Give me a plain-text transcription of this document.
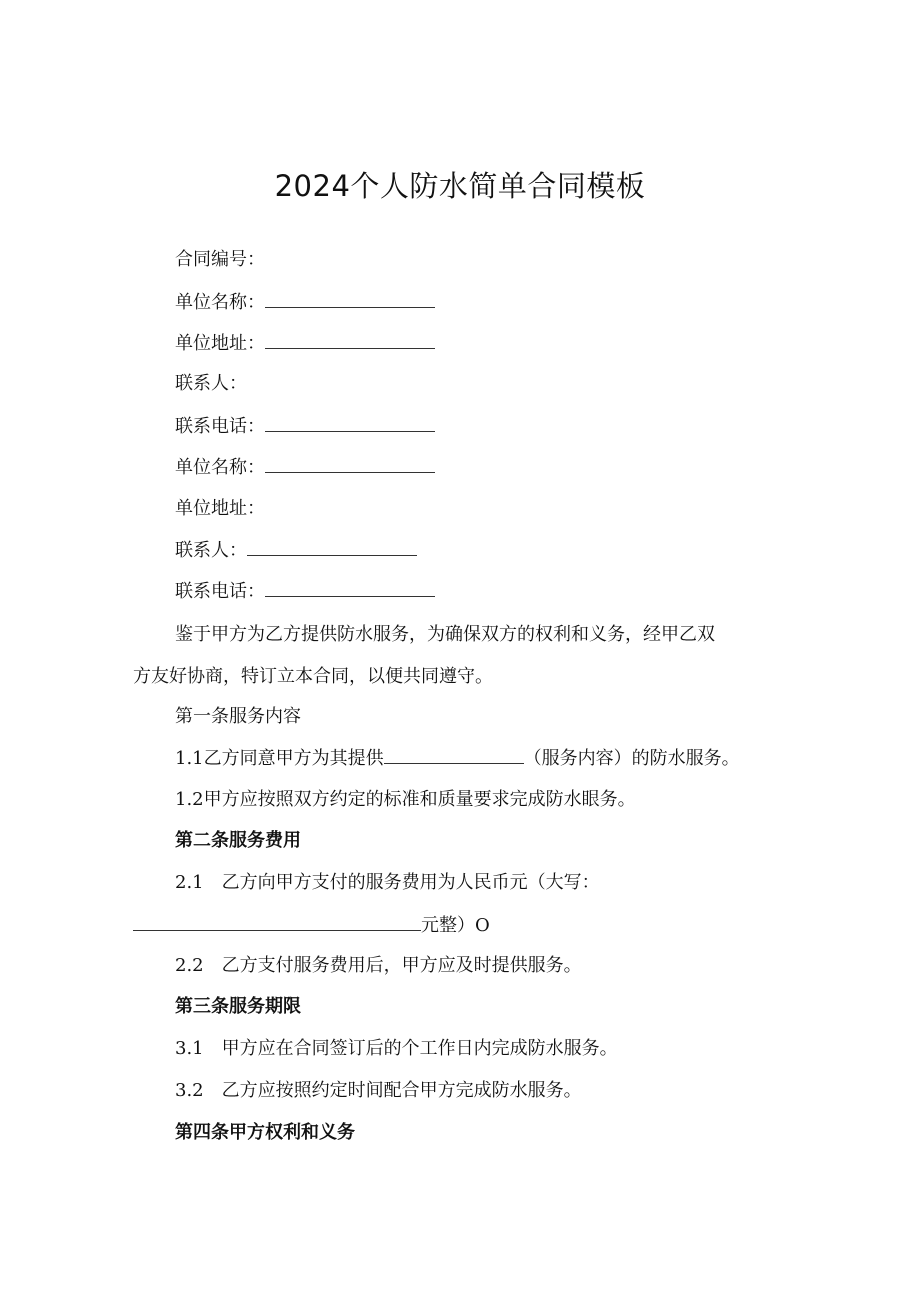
2024个人防水简单合同模板
合同编号：
单位名称：
单位地址：
联系人：
联系电话：
单位名称：
单位地址：
联系人：
联系电话：
鉴于甲方为乙方提供防水服务，为确保双方的权利和义务，经甲乙双
方友好协商，特订立本合同，以便共同遵守。
第一条服务内容
1.1乙方同意甲方为其提供	（服务内容）的防水服务。
1.2甲方应按照双方约定的标准和质量要求完成防水眼务。
第二条服务费用
2.1　乙方向甲方支付的服务费用为人民币元（大写：
元整）O
2.2　乙方支付服务费用后，甲方应及时提供服务。
第三条服务期限
3.1　甲方应在合同签订后的个工作日内完成防水服务。
3.2　乙方应按照约定时间配合甲方完成防水服务。
第四条甲方权利和义务
